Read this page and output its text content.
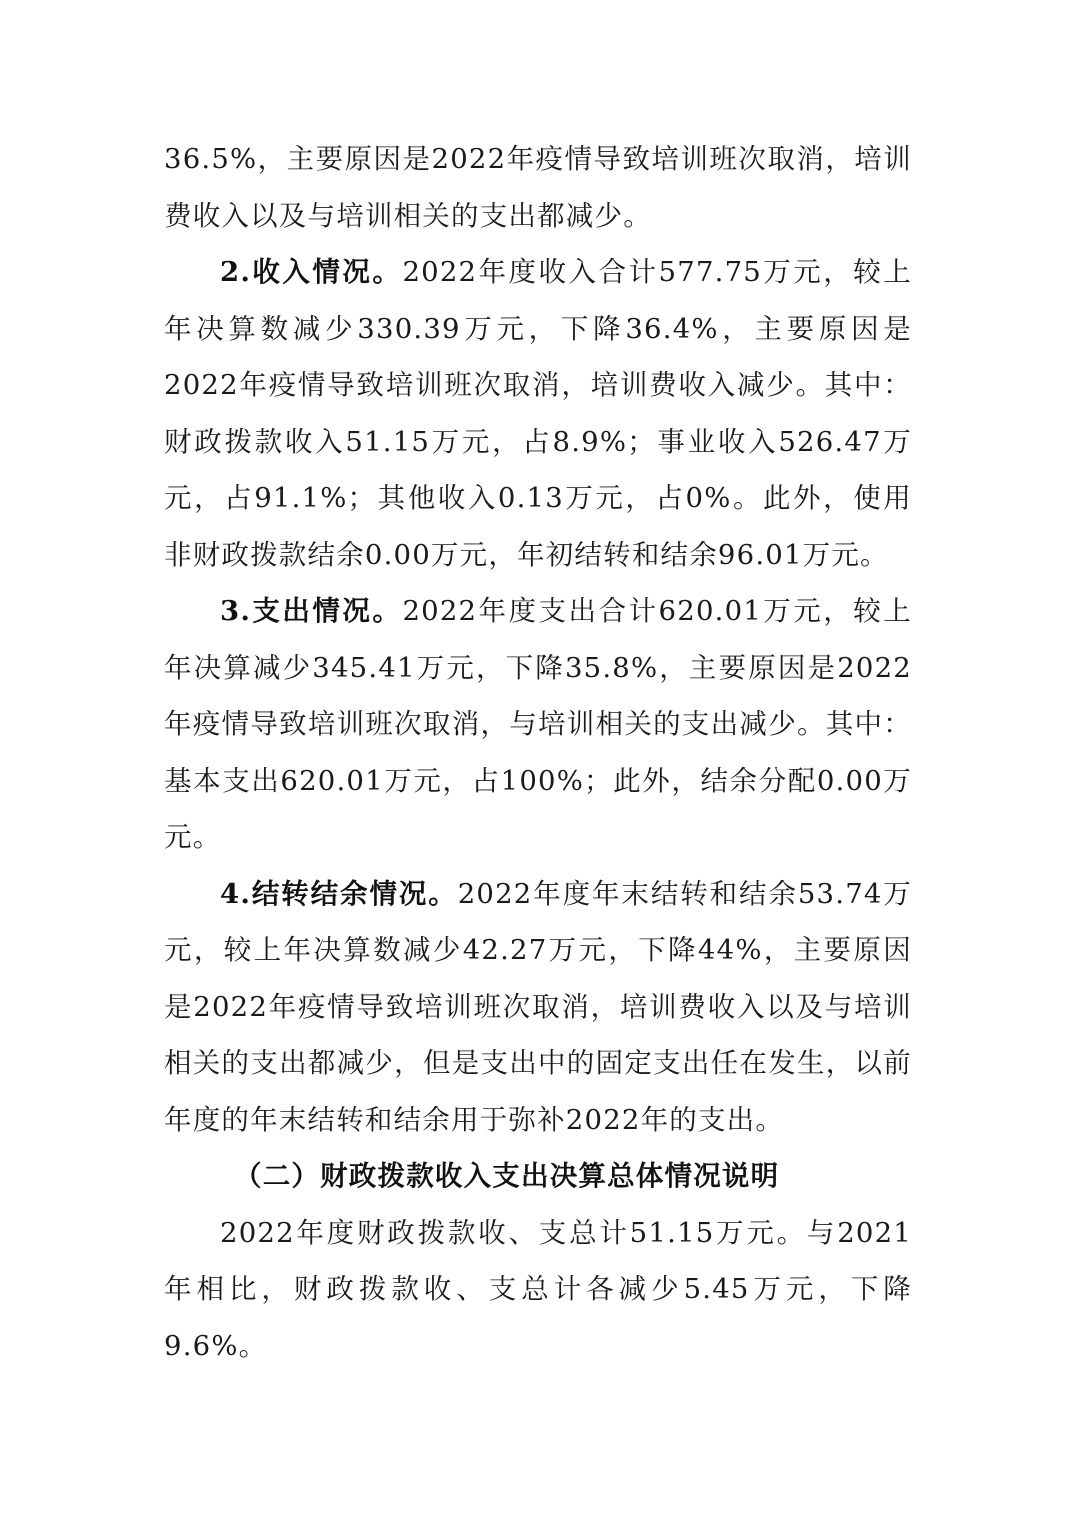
36.5%，主要原因是2022年疫情导致培训班次取消，培训费收入以及与培训相关的支出都减少。

2.收入情况。2022年度收入合计577.75万元，较上年决算数减少330.39万元，下降36.4%，主要原因是2022年疫情导致培训班次取消，培训费收入减少。其中：财政拨款收入51.15万元，占8.9%；事业收入526.47万元，占91.1%；其他收入0.13万元，占0%。此外，使用非财政拨款结余0.00万元，年初结转和结余96.01万元。

3.支出情况。2022年度支出合计620.01万元，较上年决算减少345.41万元，下降35.8%，主要原因是2022年疫情导致培训班次取消，与培训相关的支出减少。其中：基本支出620.01万元，占100%；此外，结余分配0.00万元。

4.结转结余情况。2022年度年末结转和结余53.74万元，较上年决算数减少42.27万元，下降44%，主要原因是2022年疫情导致培训班次取消，培训费收入以及与培训相关的支出都减少，但是支出中的固定支出任在发生，以前年度的年末结转和结余用于弥补2022年的支出。

（二）财政拨款收入支出决算总体情况说明

2022年度财政拨款收、支总计51.15万元。与2021年相比，财政拨款收、支总计各减少5.45万元，下降9.6%。
